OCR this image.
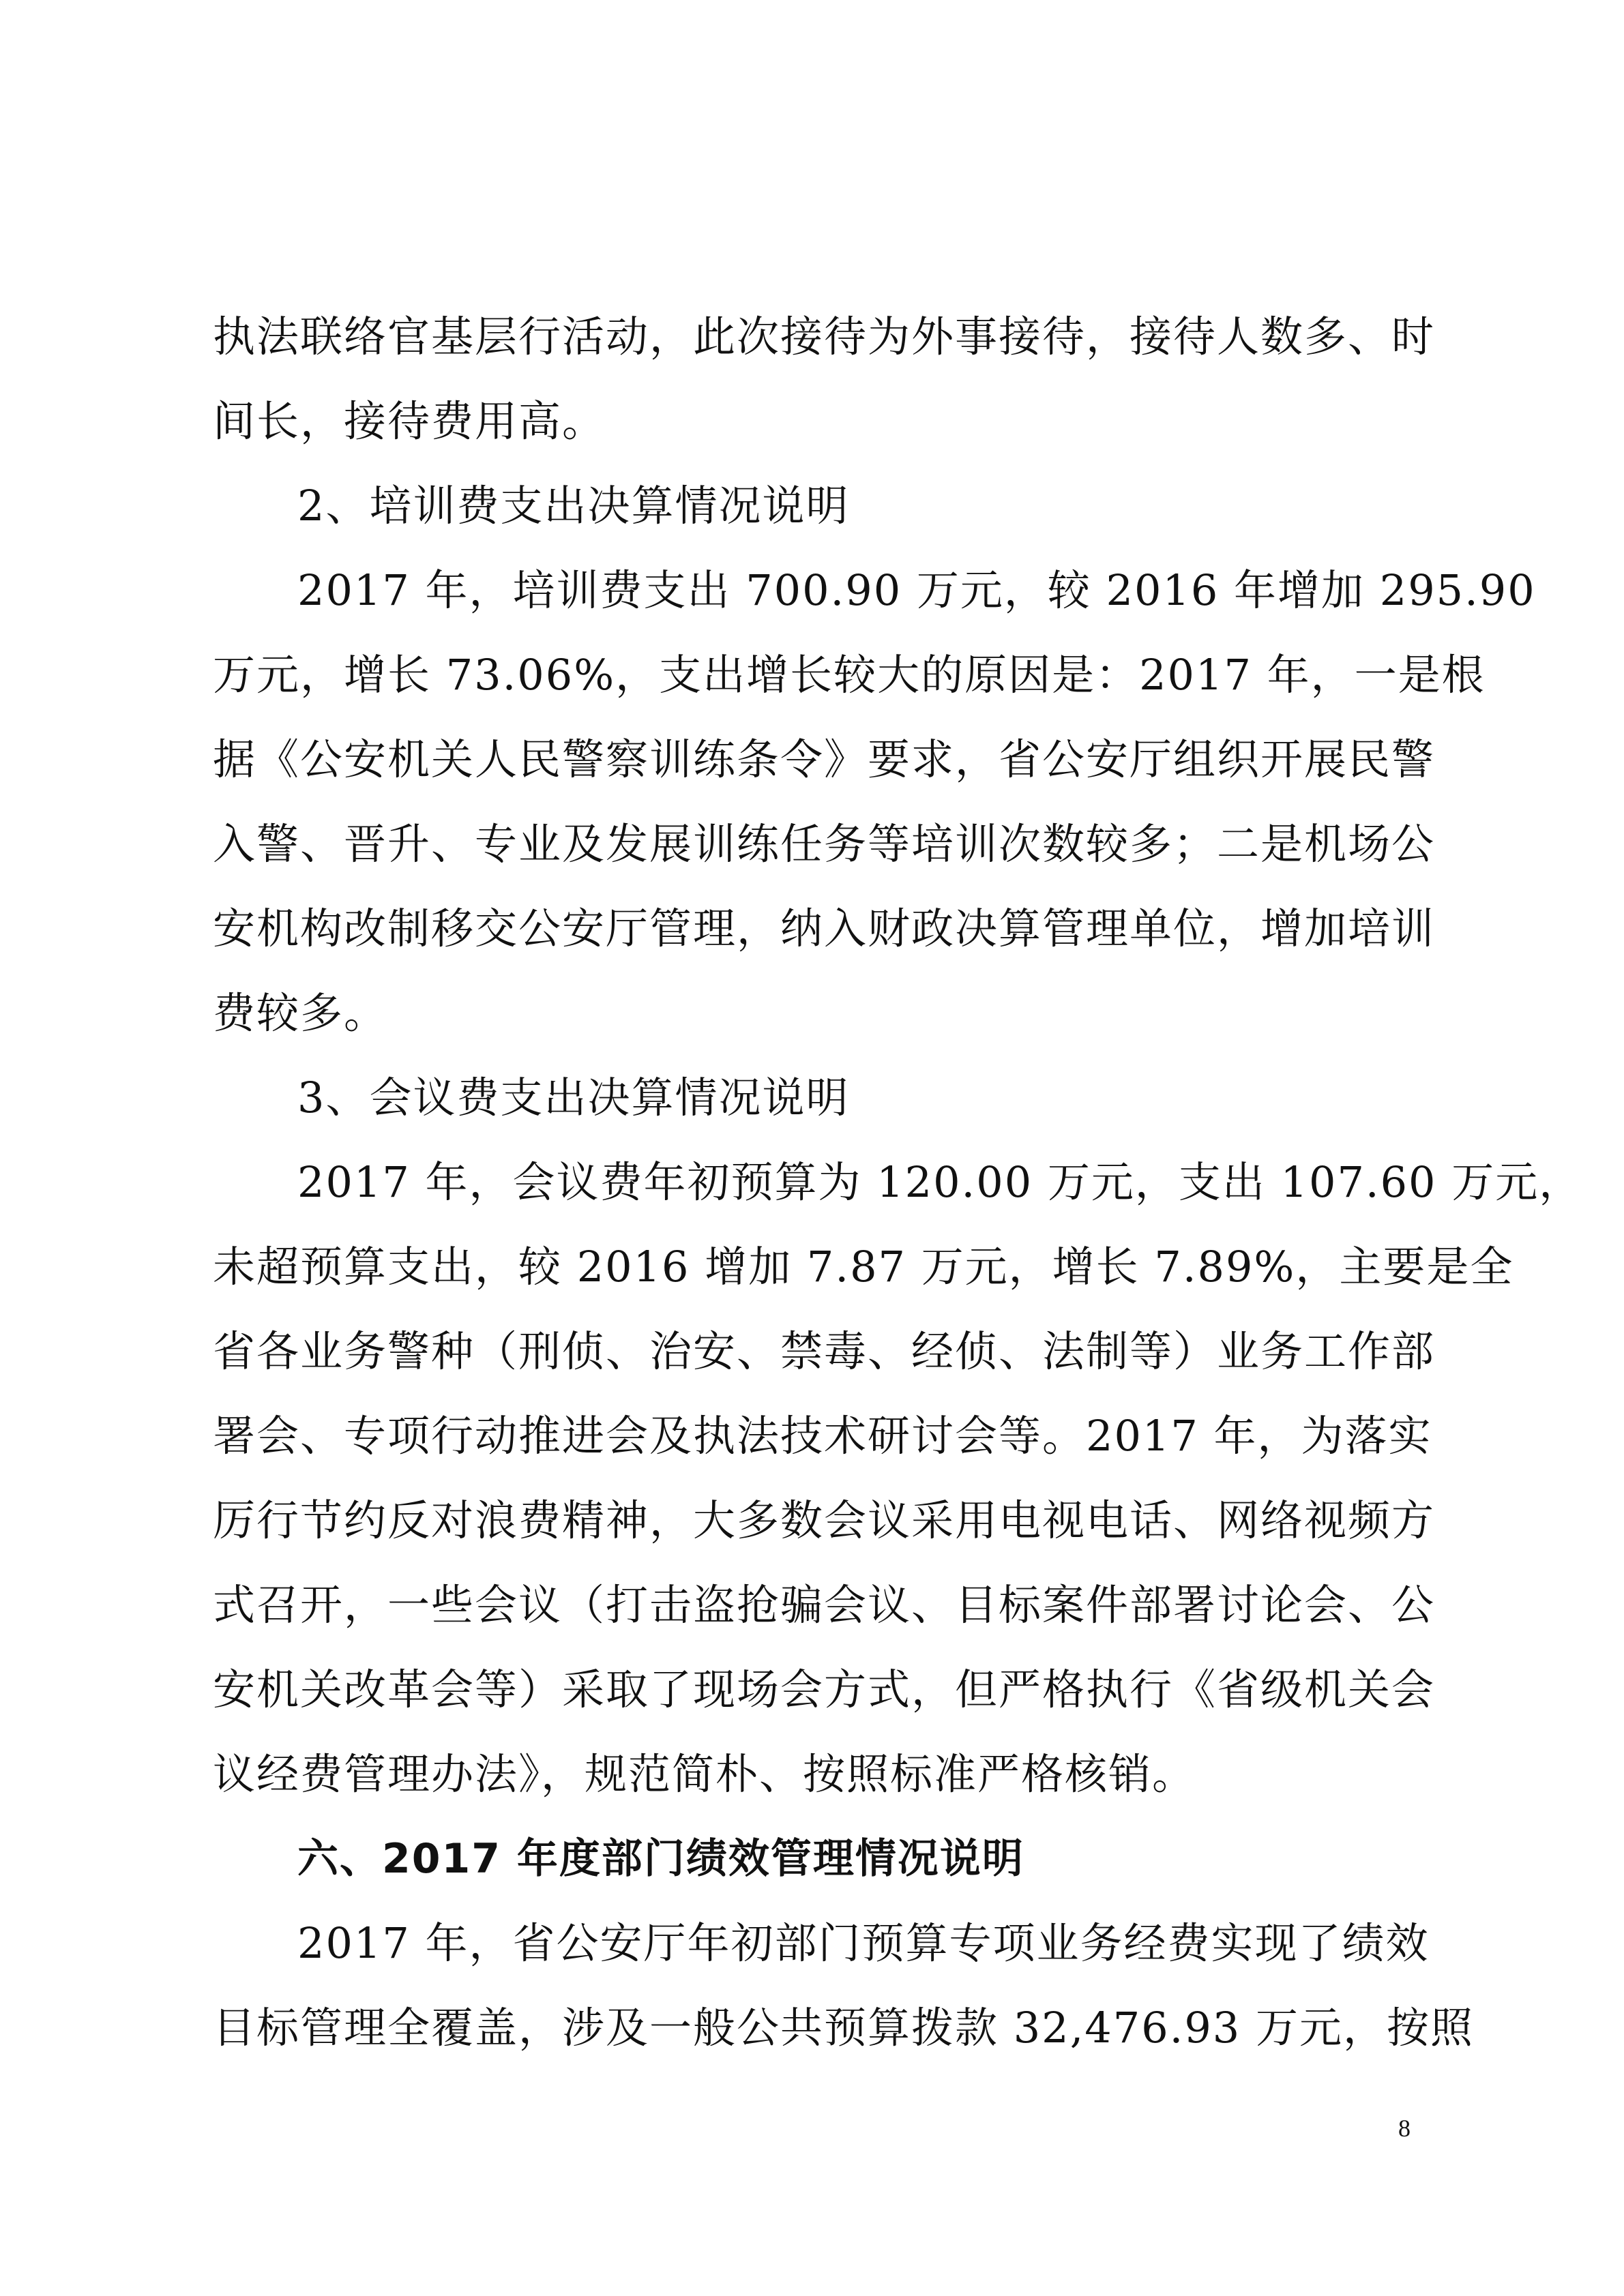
执法联络官基层行活动，此次接待为外事接待，接待人数多、时
间长，接待费用高。
2、培训费支出决算情况说明
2017 年，培训费支出 700.90 万元，较 2016 年增加 295.90
万元，增长 73.06%，支出增长较大的原因是：2017 年，一是根
据《公安机关人民警察训练条令》要求，省公安厅组织开展民警
入警、晋升、专业及发展训练任务等培训次数较多；二是机场公
安机构改制移交公安厅管理，纳入财政决算管理单位，增加培训
费较多。
3、会议费支出决算情况说明
2017 年，会议费年初预算为 120.00 万元，支出 107.60 万元，
未超预算支出，较 2016 增加 7.87 万元，增长 7.89%，主要是全
省各业务警种（刑侦、治安、禁毒、经侦、法制等）业务工作部
署会、专项行动推进会及执法技术研讨会等。2017 年，为落实
厉行节约反对浪费精神，大多数会议采用电视电话、网络视频方
式召开，一些会议（打击盗抢骗会议、目标案件部署讨论会、公
安机关改革会等）采取了现场会方式，但严格执行《省级机关会
议经费管理办法》，规范简朴、按照标准严格核销。
六、2017 年度部门绩效管理情况说明
2017 年，省公安厅年初部门预算专项业务经费实现了绩效
目标管理全覆盖，涉及一般公共预算拨款 32,476.93 万元，按照
8
